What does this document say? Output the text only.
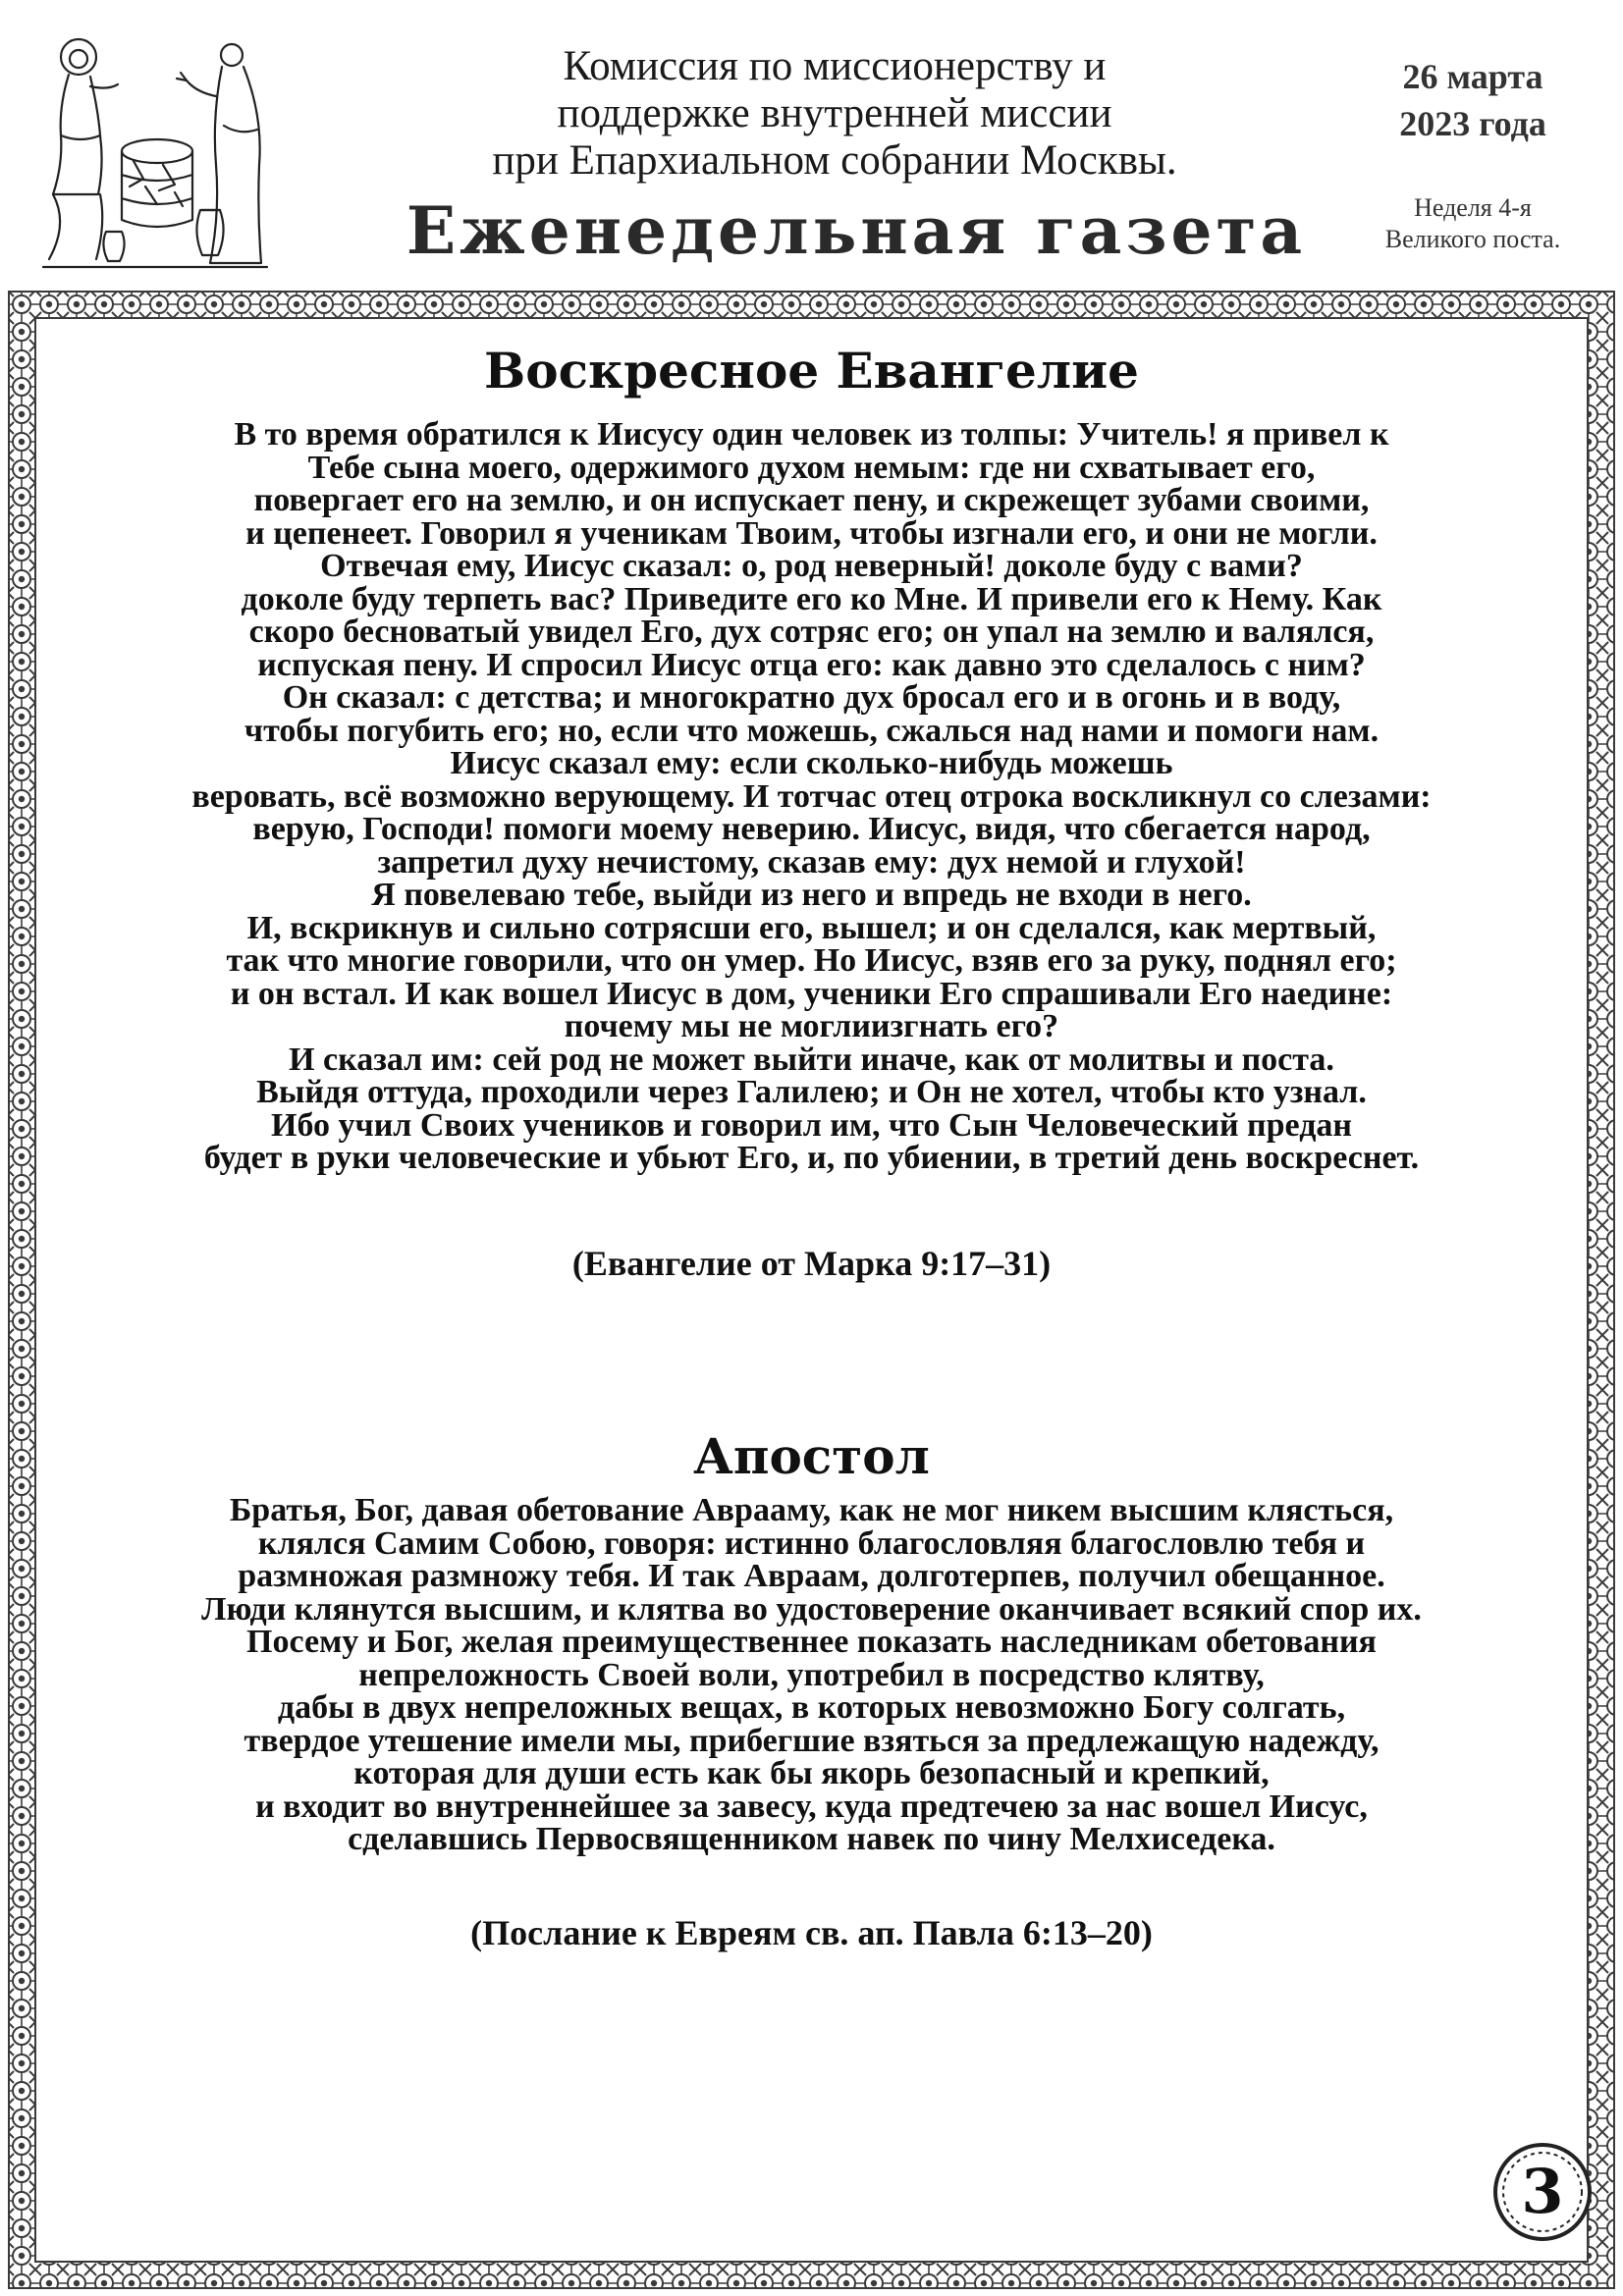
Комиссия по миссионерству и
поддержке внутренней миссии
при Епархиальном собрании Москвы.
Еженедельная газета
26 марта
2023 года
Неделя 4-я
Великого поста.
Воскресное Евангелие
В то время обратился к Иисусу один человек из толпы: Учитель! я привел к
Тебе сына моего, одержимого духом немым: где ни схватывает его,
повергает его на землю, и он испускает пену, и скрежещет зубами своими,
и цепенеет. Говорил я ученикам Твоим, чтобы изгнали его, и они не могли.
Отвечая ему, Иисус сказал: о, род неверный! доколе буду с вами?
доколе буду терпеть вас? Приведите его ко Мне. И привели его к Нему. Как
скоро бесноватый увидел Его, дух сотряс его; он упал на землю и валялся,
испуская пену. И спросил Иисус отца его: как давно это сделалось с ним?
Он сказал: с детства; и многократно дух бросал его и в огонь и в воду,
чтобы погубить его; но, если что можешь, сжалься над нами и помоги нам.
Иисус сказал ему: если сколько-нибудь можешь
веровать, всё возможно верующему. И тотчас отец отрока воскликнул со слезами:
верую, Господи! помоги моему неверию. Иисус, видя, что сбегается народ,
запретил духу нечистому, сказав ему: дух немой и глухой!
Я повелеваю тебе, выйди из него и впредь не входи в него.
И, вскрикнув и сильно сотрясши его, вышел; и он сделался, как мертвый,
так что многие говорили, что он умер. Но Иисус, взяв его за руку, поднял его;
и он встал. И как вошел Иисус в дом, ученики Его спрашивали Его наедине:
почему мы не моглиизгнать его?
И сказал им: сей род не может выйти иначе, как от молитвы и поста.
Выйдя оттуда, проходили через Галилею; и Он не хотел, чтобы кто узнал.
Ибо учил Своих учеников и говорил им, что Сын Человеческий предан
будет в руки человеческие и убьют Его, и, по убиении, в третий день воскреснет.
(Евангелие от Марка 9:17–31)
Апостол
Братья, Бог, давая обетование Аврааму, как не мог никем высшим клясться,
клялся Самим Собою, говоря: истинно благословляя благословлю тебя и
размножая размножу тебя. И так Авраам, долготерпев, получил обещанное.
Люди клянутся высшим, и клятва во удостоверение оканчивает всякий спор их.
Посему и Бог, желая преимущественнее показать наследникам обетования
непреложность Своей воли, употребил в посредство клятву,
дабы в двух непреложных вещах, в которых невозможно Богу солгать,
твердое утешение имели мы, прибегшие взяться за предлежащую надежду,
которая для души есть как бы якорь безопасный и крепкий,
и входит во внутреннейшее за завесу, куда предтечею за нас вошел Иисус,
сделавшись Первосвященником навек по чину Мелхиседека.
(Послание к Евреям св. ап. Павла 6:13–20)
3
